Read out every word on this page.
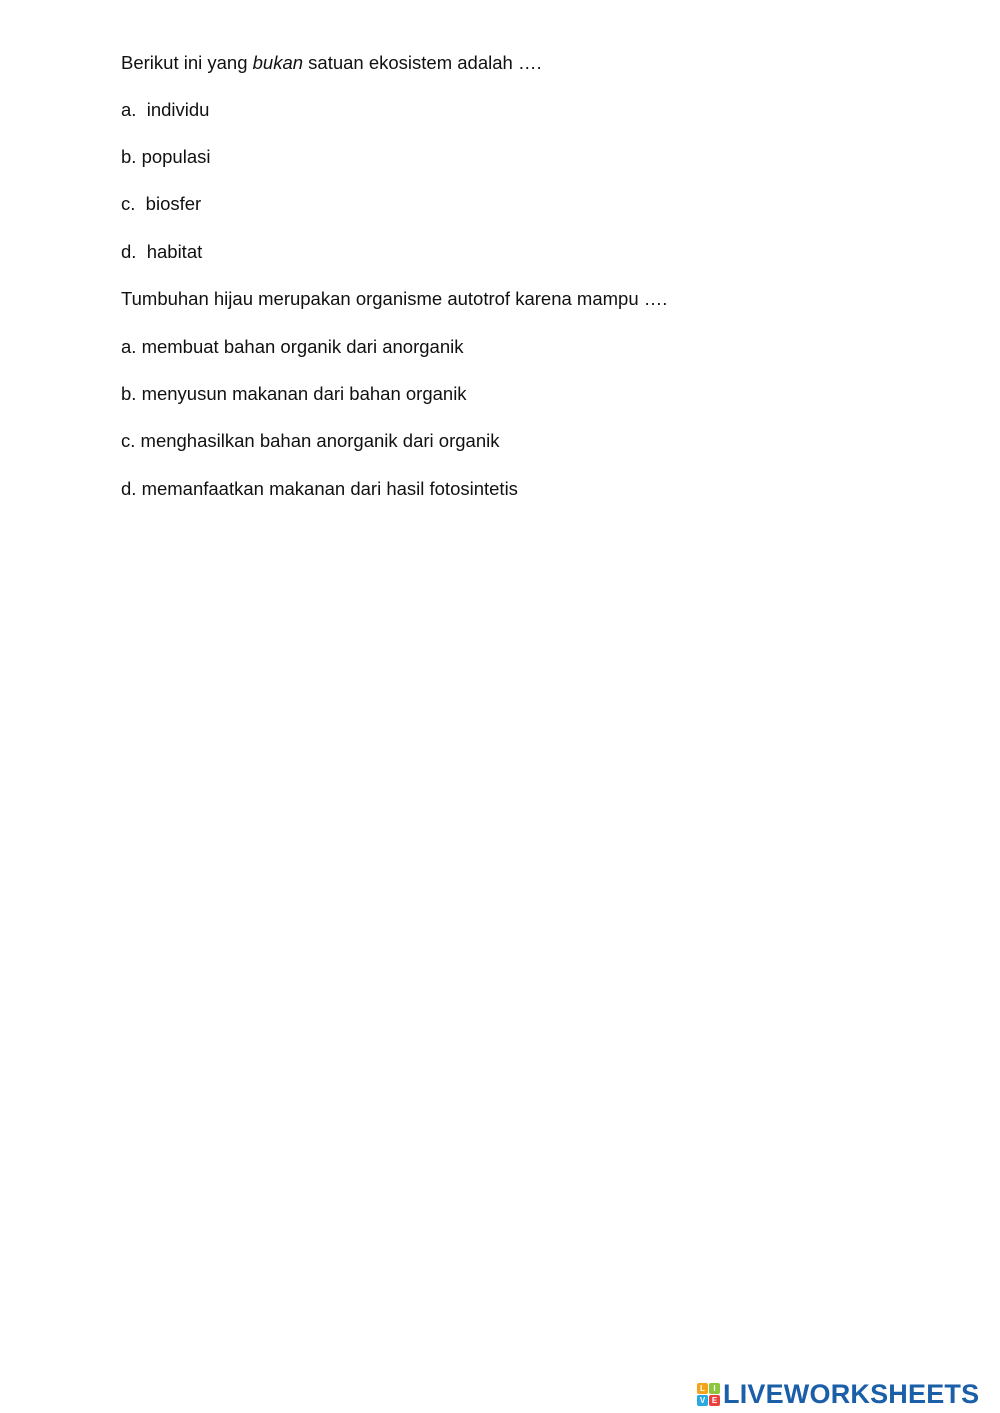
Berikut ini yang bukan satuan ekosistem adalah ….
a.  individu
b. populasi
c.  biosfer
d.  habitat
Tumbuhan hijau merupakan organisme autotrof karena mampu ….
a. membuat bahan organik dari anorganik
b. menyusun makanan dari bahan organik
c. menghasilkan bahan anorganik dari organik
d. memanfaatkan makanan dari hasil fotosintetis
L	I
V E LIVEWORKSHEETS
